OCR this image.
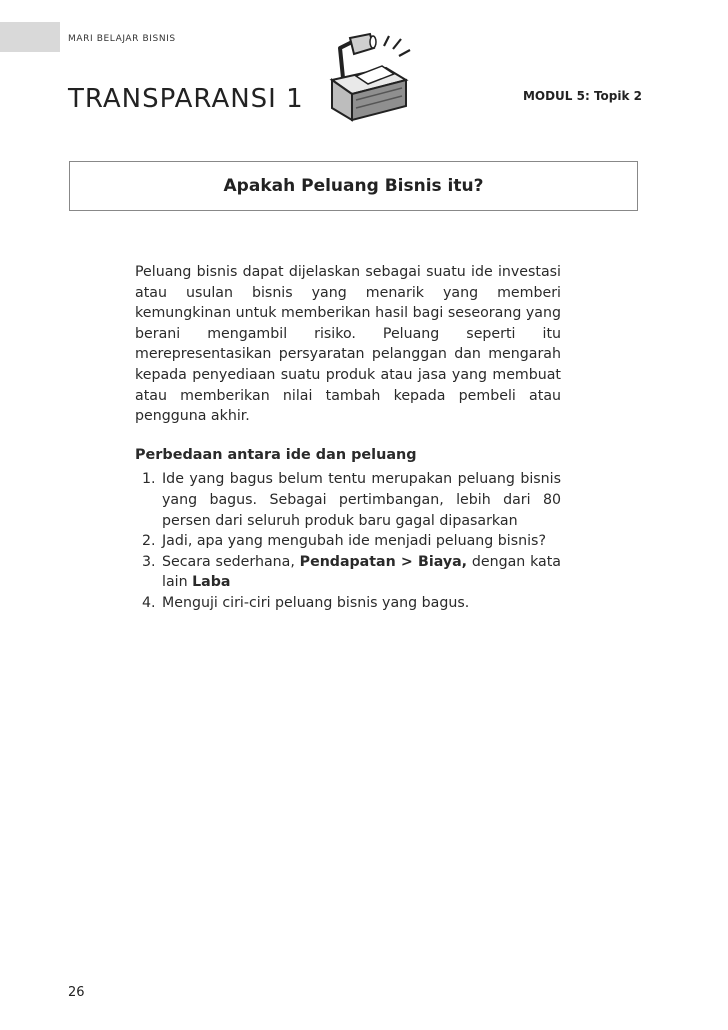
MARI BELAJAR BISNIS
TRANSPARANSI 1	MODUL 5: Topik 2
Apakah Peluang Bisnis itu?

Peluang bisnis dapat dijelaskan sebagai suatu ide investasi atau usulan bisnis yang menarik yang memberi kemungkinan untuk memberikan hasil bagi seseorang yang berani mengambil risiko. Peluang seperti itu merepresentasikan persyaratan pelanggan dan mengarah kepada penyediaan suatu produk atau jasa yang membuat atau memberikan nilai tambah kepada pembeli atau pengguna akhir.

Perbedaan antara ide dan peluang
1. Ide yang bagus belum tentu merupakan peluang bisnis yang bagus. Sebagai pertimbangan, lebih dari 80 persen dari seluruh produk baru gagal dipasarkan
2. Jadi, apa yang mengubah ide menjadi peluang bisnis?
3. Secara sederhana, Pendapatan > Biaya, dengan kata lain Laba
4. Menguji ciri-ciri peluang bisnis yang bagus.
26
